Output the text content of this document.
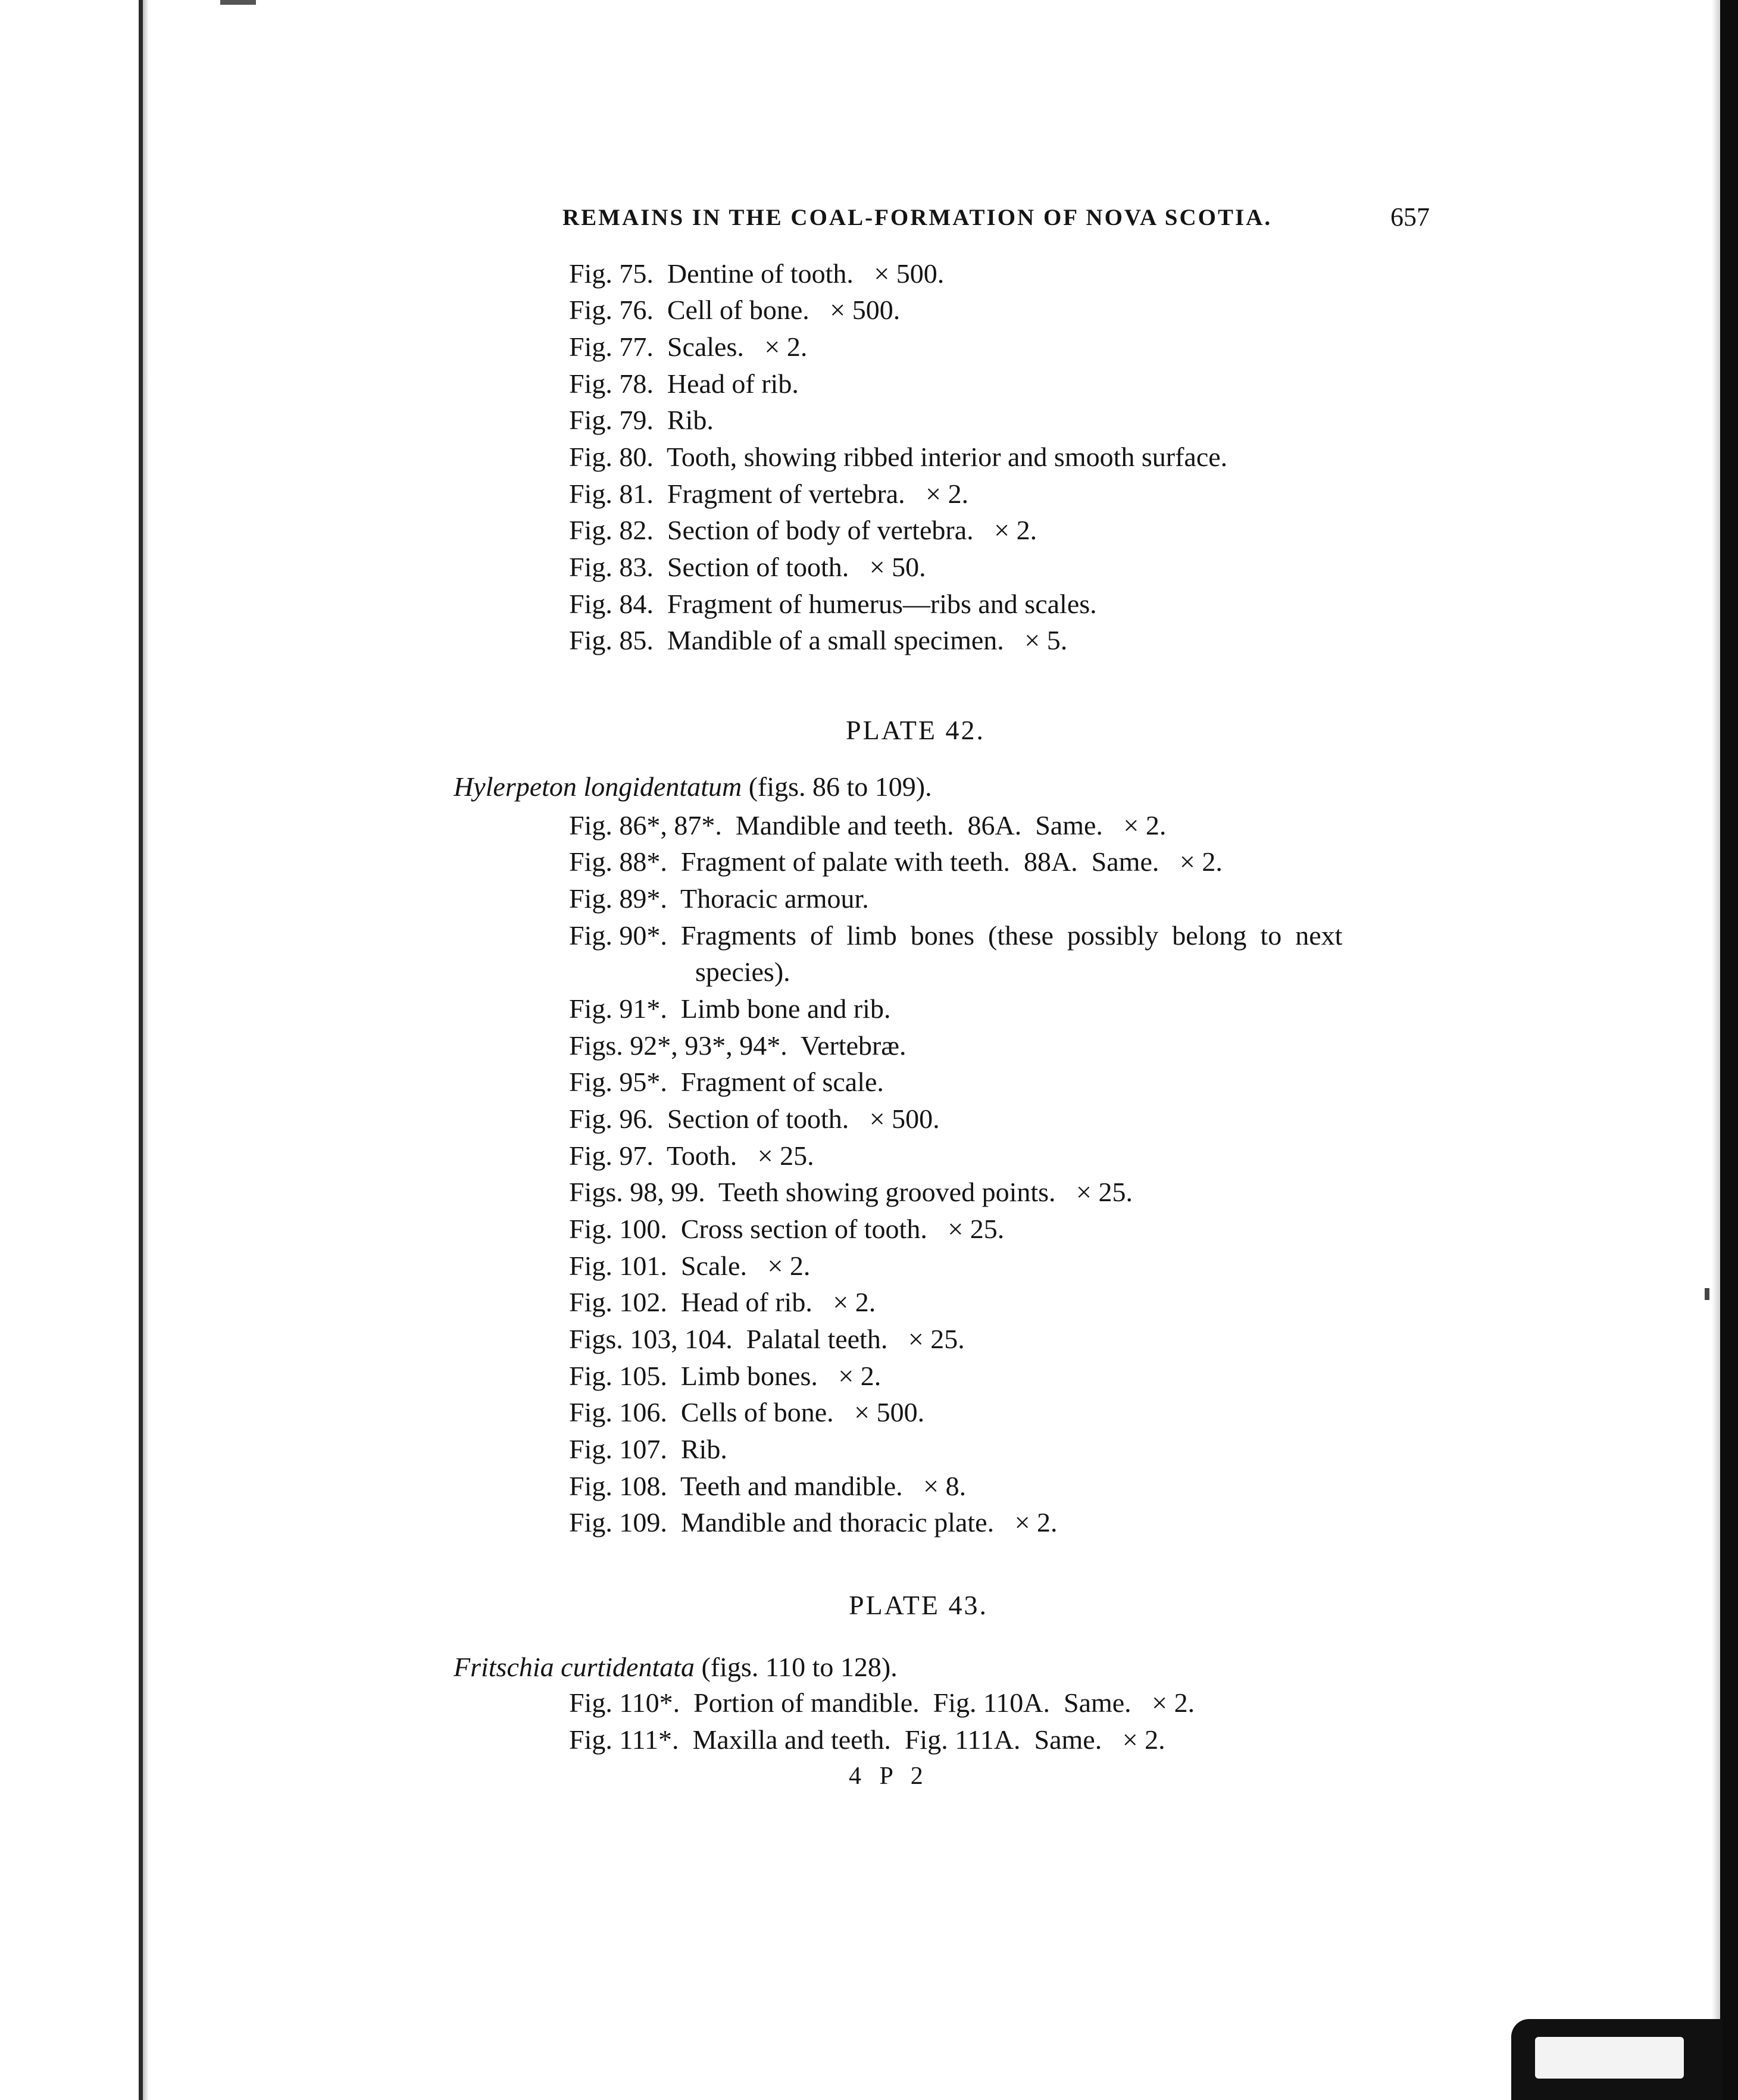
REMAINS IN THE COAL-FORMATION OF NOVA SCOTIA.	657
Fig. 75.  Dentine of tooth.   × 500.
Fig. 76.  Cell of bone.   × 500.
Fig. 77.  Scales.   × 2.
Fig. 78.  Head of rib.
Fig. 79.  Rib.
Fig. 80.  Tooth, showing ribbed interior and smooth surface.
Fig. 81.  Fragment of vertebra.   × 2.
Fig. 82.  Section of body of vertebra.   × 2.
Fig. 83.  Section of tooth.   × 50.
Fig. 84.  Fragment of humerus—ribs and scales.
Fig. 85.  Mandible of a small specimen.   × 5.
PLATE 42.
Hylerpeton longidentatum (figs. 86 to 109).
Fig. 86*, 87*.  Mandible and teeth.  86A.  Same.   × 2.
Fig. 88*.  Fragment of palate with teeth.  88A.  Same.   × 2.
Fig. 89*.  Thoracic armour.
Fig. 90*.  Fragments  of  limb  bones  (these  possibly  belong  to  next
species).
Fig. 91*.  Limb bone and rib.
Figs. 92*, 93*, 94*.  Vertebræ.
Fig. 95*.  Fragment of scale.
Fig. 96.  Section of tooth.   × 500.
Fig. 97.  Tooth.   × 25.
Figs. 98, 99.  Teeth showing grooved points.   × 25.
Fig. 100.  Cross section of tooth.   × 25.
Fig. 101.  Scale.   × 2.
Fig. 102.  Head of rib.   × 2.
Figs. 103, 104.  Palatal teeth.   × 25.
Fig. 105.  Limb bones.   × 2.
Fig. 106.  Cells of bone.   × 500.
Fig. 107.  Rib.
Fig. 108.  Teeth and mandible.   × 8.
Fig. 109.  Mandible and thoracic plate.   × 2.
PLATE 43.
Fritschia curtidentata (figs. 110 to 128).
Fig. 110*.  Portion of mandible.  Fig. 110A.  Same.   × 2.
Fig. 111*.  Maxilla and teeth.  Fig. 111A.  Same.   × 2.
4 P 2
